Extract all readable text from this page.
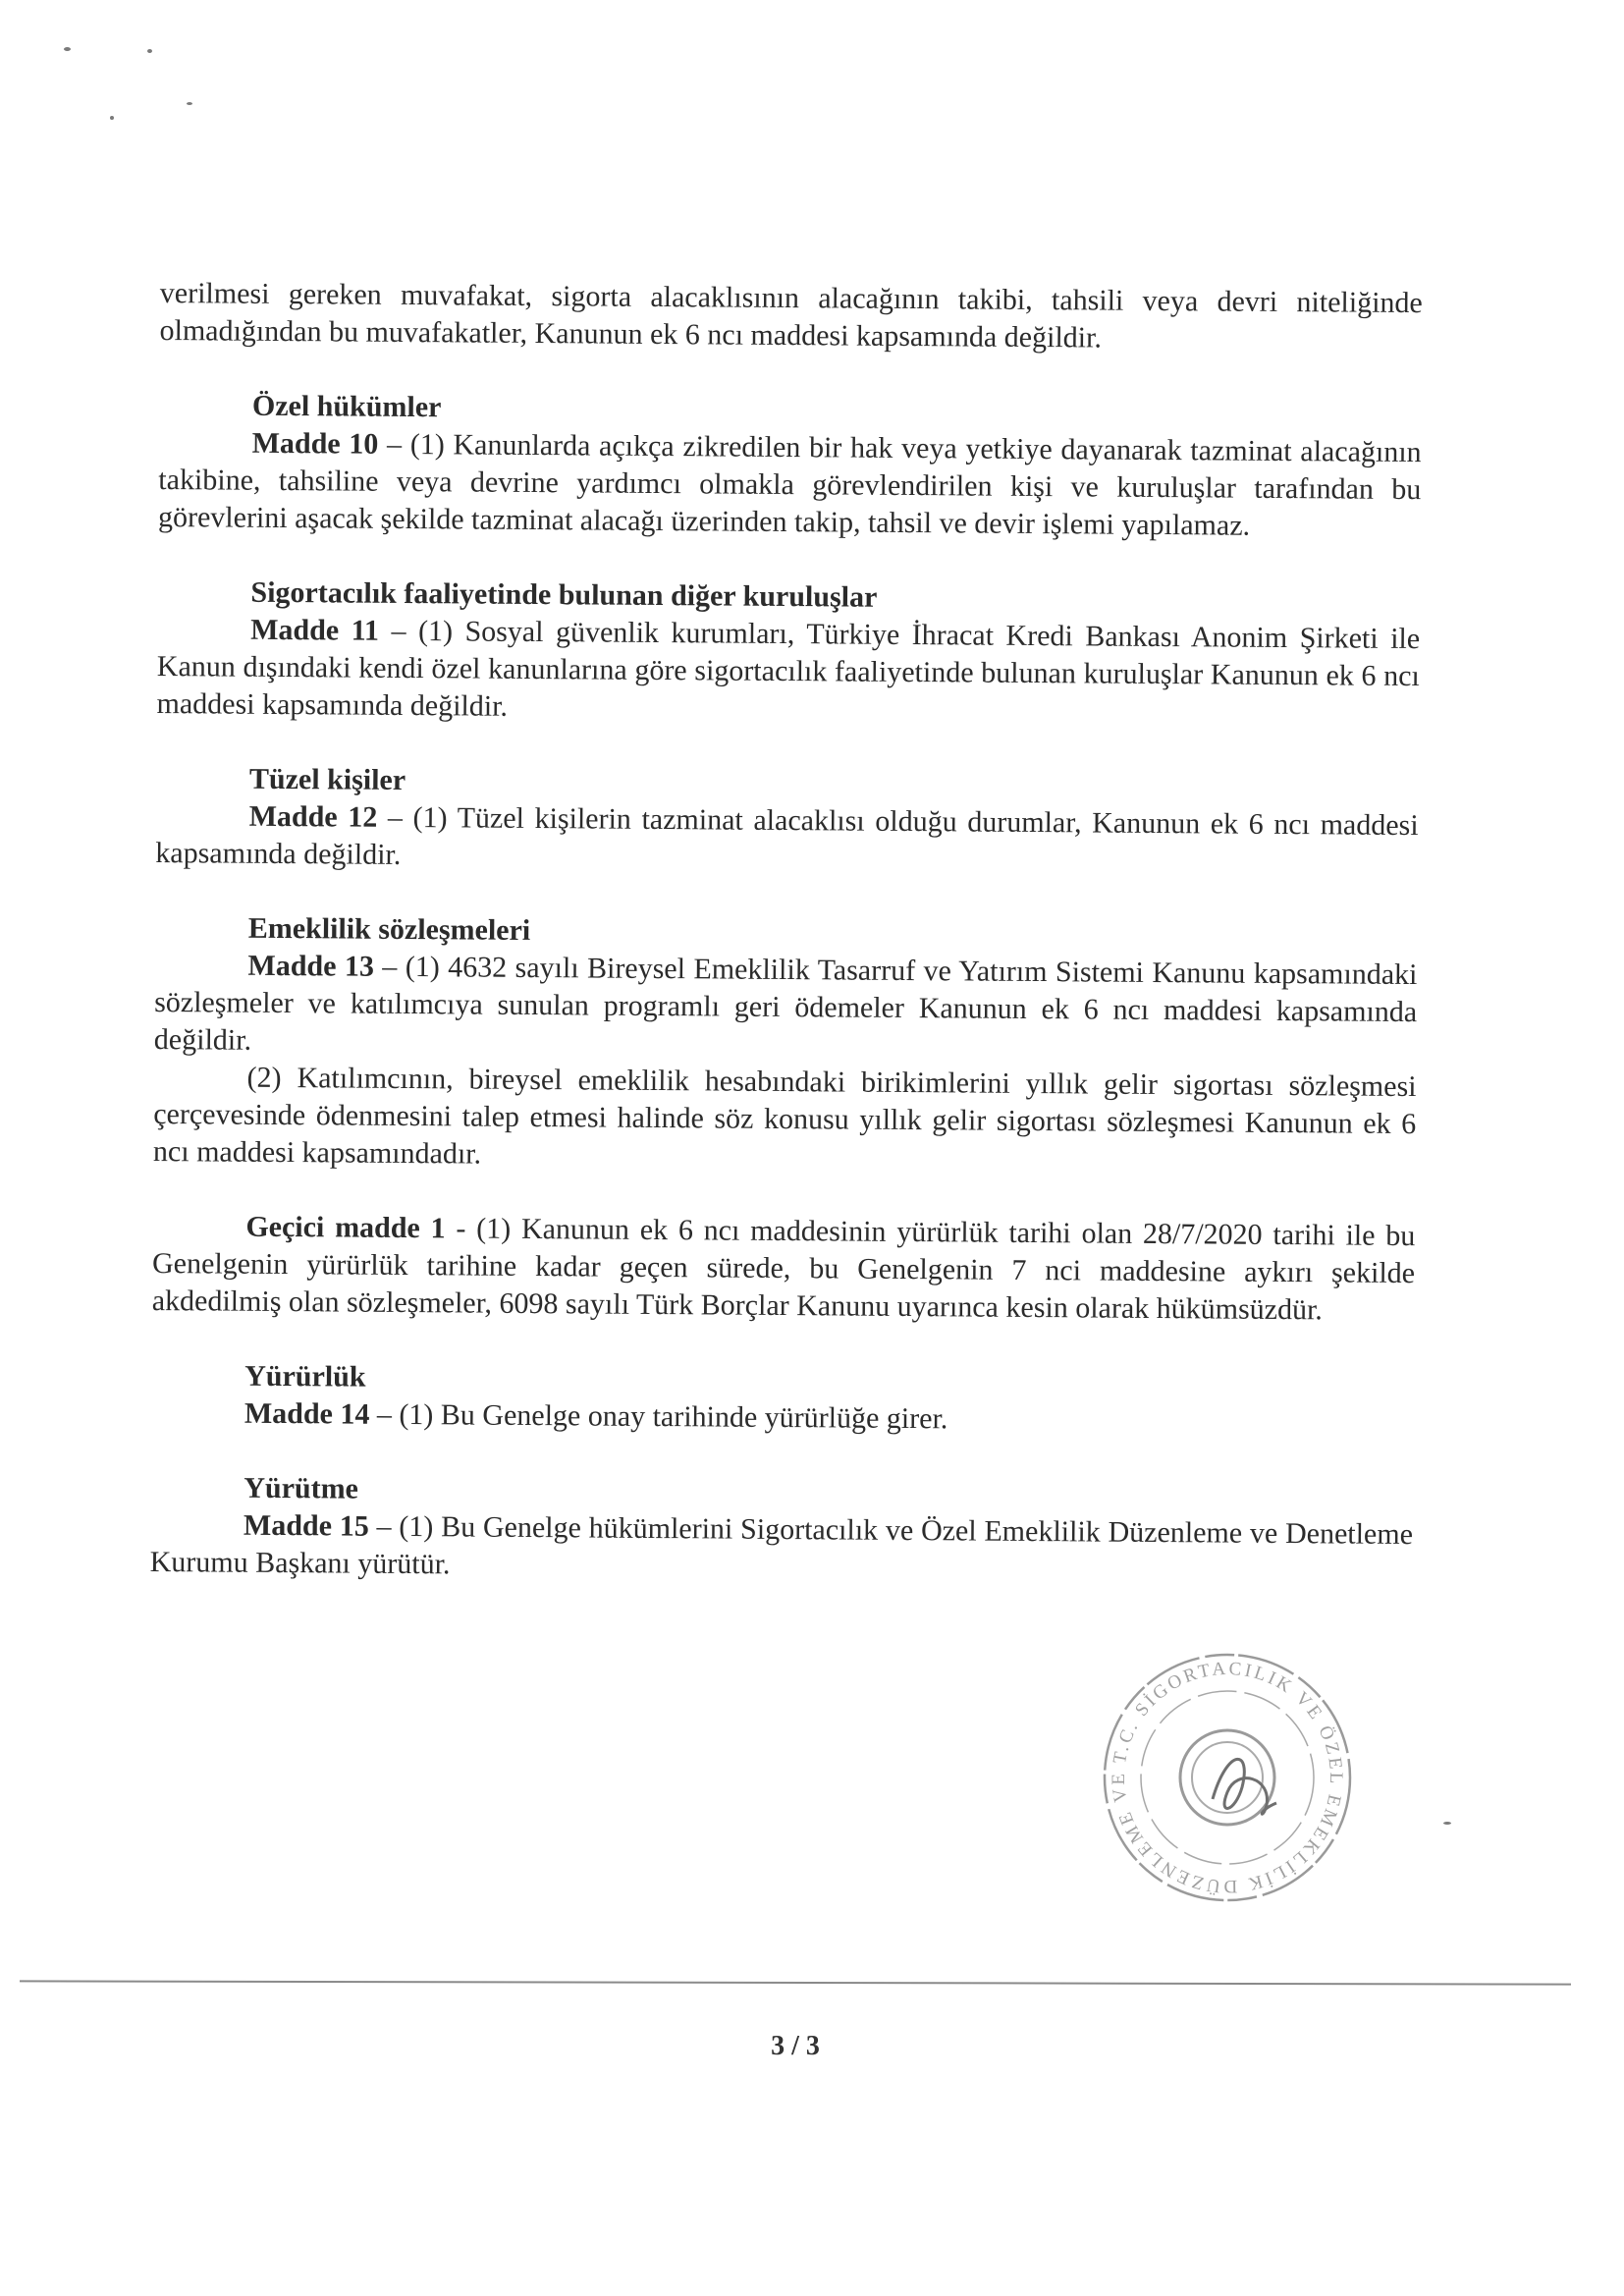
verilmesi gereken muvafakat, sigorta alacaklısının alacağının takibi, tahsili veya devri niteliğinde olmadığından bu muvafakatler, Kanunun ek 6 ncı maddesi kapsamında değildir.

Özel hükümler

Madde 10 – (1) Kanunlarda açıkça zikredilen bir hak veya yetkiye dayanarak tazminat alacağının takibine, tahsiline veya devrine yardımcı olmakla görevlendirilen kişi ve kuruluşlar tarafından bu görevlerini aşacak şekilde tazminat alacağı üzerinden takip, tahsil ve devir işlemi yapılamaz.

Sigortacılık faaliyetinde bulunan diğer kuruluşlar

Madde 11 – (1) Sosyal güvenlik kurumları, Türkiye İhracat Kredi Bankası Anonim Şirketi ile Kanun dışındaki kendi özel kanunlarına göre sigortacılık faaliyetinde bulunan kuruluşlar Kanunun ek 6 ncı maddesi kapsamında değildir.

Tüzel kişiler

Madde 12 – (1) Tüzel kişilerin tazminat alacaklısı olduğu durumlar, Kanunun ek 6 ncı maddesi kapsamında değildir.

Emeklilik sözleşmeleri

Madde 13 – (1) 4632 sayılı Bireysel Emeklilik Tasarruf ve Yatırım Sistemi Kanunu kapsamındaki sözleşmeler ve katılımcıya sunulan programlı geri ödemeler Kanunun ek 6 ncı maddesi kapsamında değildir.

(2) Katılımcının, bireysel emeklilik hesabındaki birikimlerini yıllık gelir sigortası sözleşmesi çerçevesinde ödenmesini talep etmesi halinde söz konusu yıllık gelir sigortası sözleşmesi Kanunun ek 6 ncı maddesi kapsamındadır.

Geçici madde 1 - (1) Kanunun ek 6 ncı maddesinin yürürlük tarihi olan 28/7/2020 tarihi ile bu Genelgenin yürürlük tarihine kadar geçen sürede, bu Genelgenin 7 nci maddesine aykırı şekilde akdedilmiş olan sözleşmeler, 6098 sayılı Türk Borçlar Kanunu uyarınca kesin olarak hükümsüzdür.

Yürürlük

Madde 14 – (1) Bu Genelge onay tarihinde yürürlüğe girer.

Yürütme

Madde 15 – (1) Bu Genelge hükümlerini Sigortacılık ve Özel Emeklilik Düzenleme ve Denetleme Kurumu Başkanı yürütür.

T.C. SİGORTACILIK VE ÖZEL EMEKLİLİK DÜZENLEME VE
3 / 3
